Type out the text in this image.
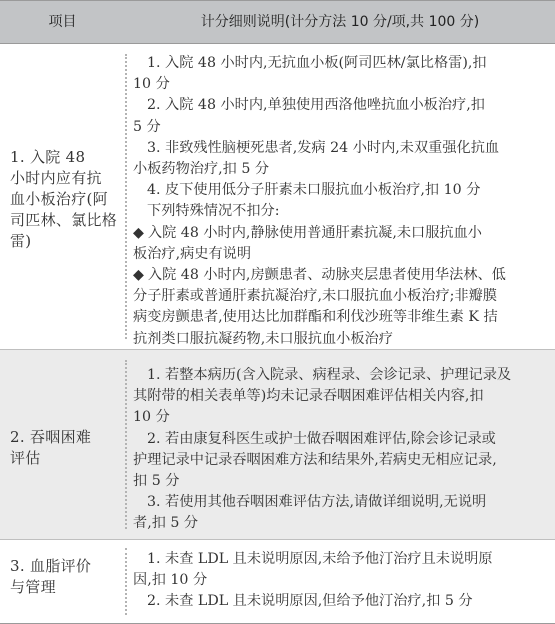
项目	计分细则说明(计分方法 10 分/项,共 100 分)
1. 入院 48
小时内应有抗
血小板治疗(阿
司匹林、氯比格
雷)
1. 入院 48 小时内,无抗血小板(阿司匹林/氯比格雷),扣
10 分
2. 入院 48 小时内,单独使用西洛他唑抗血小板治疗,扣
5 分
3. 非致残性脑梗死患者,发病 24 小时内,未双重强化抗血
小板药物治疗,扣 5 分
4. 皮下使用低分子肝素未口服抗血小板治疗,扣 10 分
下列特殊情况不扣分:
◆ 入院 48 小时内,静脉使用普通肝素抗凝,未口服抗血小
板治疗,病史有说明
◆ 入院 48 小时内,房颤患者、动脉夹层患者使用华法林、低
分子肝素或普通肝素抗凝治疗,未口服抗血小板治疗;非瓣膜
病变房颤患者,使用达比加群酯和利伐沙班等非维生素 K 拮
抗剂类口服抗凝药物,未口服抗血小板治疗
2. 吞咽困难
评估
1. 若整本病历(含入院录、病程录、会诊记录、护理记录及
其附带的相关表单等)均未记录吞咽困难评估相关内容,扣
10 分
2. 若由康复科医生或护士做吞咽困难评估,除会诊记录或
护理记录中记录吞咽困难方法和结果外,若病史无相应记录,
扣 5 分
3. 若使用其他吞咽困难评估方法,请做详细说明,无说明
者,扣 5 分
3. 血脂评价
与管理
1. 未查 LDL 且未说明原因,未给予他汀治疗且未说明原
因,扣 10 分
2. 未查 LDL 且未说明原因,但给予他汀治疗,扣 5 分
